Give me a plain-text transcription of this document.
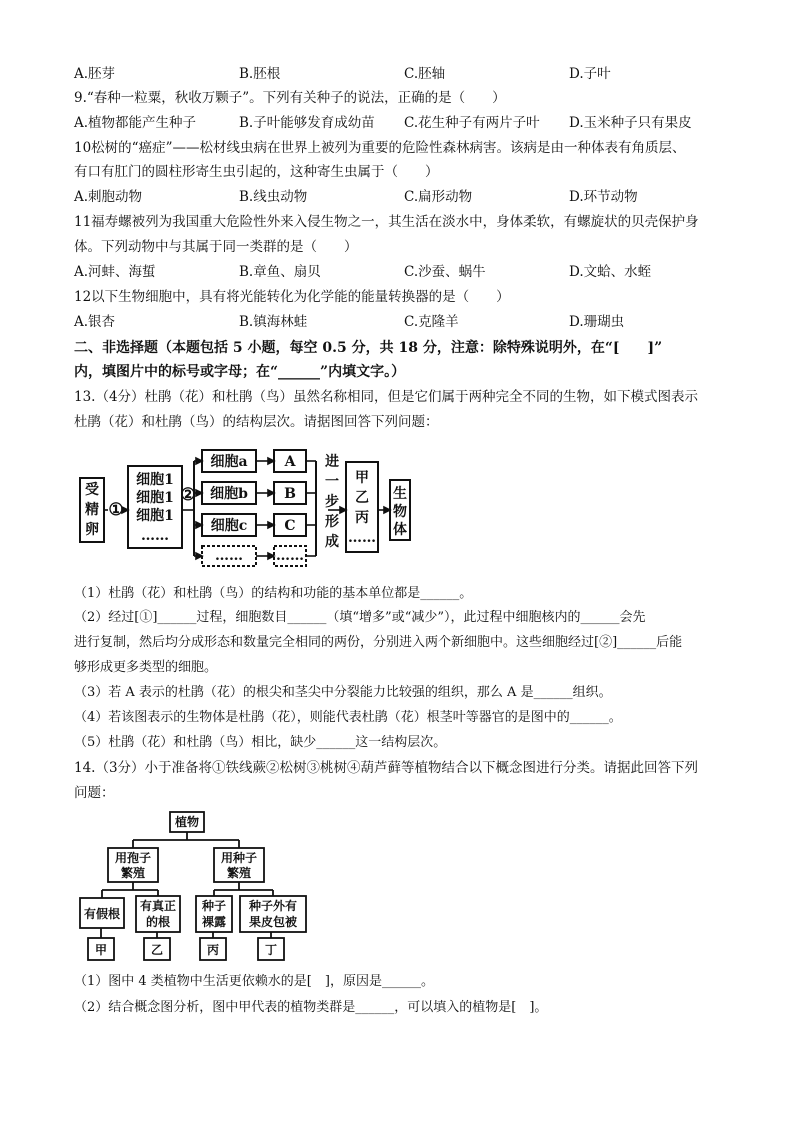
A.胚芽	B.胚根	C.胚轴	D.子叶
9.“春种一粒粟，秋收万颗子”。下列有关种子的说法，正确的是（　　）
A.植物都能产生种子	B.子叶能够发育成幼苗	C.花生种子有两片子叶	D.玉米种子只有果皮
10松树的“癌症”——松材线虫病在世界上被列为重要的危险性森林病害。该病是由一种体表有角质层、
有口有肛门的圆柱形寄生虫引起的，这种寄生虫属于（　　）
A.刺胞动物	B.线虫动物	C.扁形动物	D.环节动物
11福寿螺被列为我国重大危险性外来入侵生物之一，其生活在淡水中，身体柔软，有螺旋状的贝壳保护身
体。下列动物中与其属于同一类群的是（　　）
A.河蚌、海蜇	B.章鱼、扇贝	C.沙蚕、蜗牛	D.文蛤、水蛭
12以下生物细胞中，具有将光能转化为化学能的能量转换器的是（　　）
A.银杏	B.镇海林蛙	C.克隆羊	D.珊瑚虫
二、非选择题（本题包括 5 小题，每空 0.5 分，共 18 分，注意：除特殊说明外，在“[　　]”
内，填图片中的标号或字母；在“______”内填文字。）
13.（4分）杜鹃（花）和杜鹃（鸟）虽然名称相同，但是它们属于两种完全不同的生物，如下模式图表示
杜鹃（花）和杜鹃（鸟）的结构层次。请据图回答下列问题：
受
精
卵
①
细胞1
细胞1
细胞1
……
②
细胞a
细胞b
细胞c
……
A
B
C
……
进
一
步
形
成
甲
乙
丙
……
生
物
体
（1）杜鹃（花）和杜鹃（鸟）的结构和功能的基本单位都是______。
（2）经过[①]______过程，细胞数目______（填“增多”或“减少”），此过程中细胞核内的______会先
进行复制，然后均分成形态和数量完全相同的两份，分别进入两个新细胞中。这些细胞经过[②]______后能
够形成更多类型的细胞。
（3）若 A 表示的杜鹃（花）的根尖和茎尖中分裂能力比较强的组织，那么 A 是______组织。
（4）若该图表示的生物体是杜鹃（花），则能代表杜鹃（花）根茎叶等器官的是图中的______。
（5）杜鹃（花）和杜鹃（鸟）相比，缺少______这一结构层次。
14.（3分）小于准备将①铁线蕨②松树③桃树④葫芦藓等植物结合以下概念图进行分类。请据此回答下列
问题：
植物
用孢子
繁殖
用种子
繁殖
有假根
有真正
的根
种子
裸露
种子外有
果皮包被
甲	乙	丙	丁
（1）图中 4 类植物中生活更依赖水的是[　]，原因是______。
（2）结合概念图分析，图中甲代表的植物类群是______，可以填入的植物是[　]。
